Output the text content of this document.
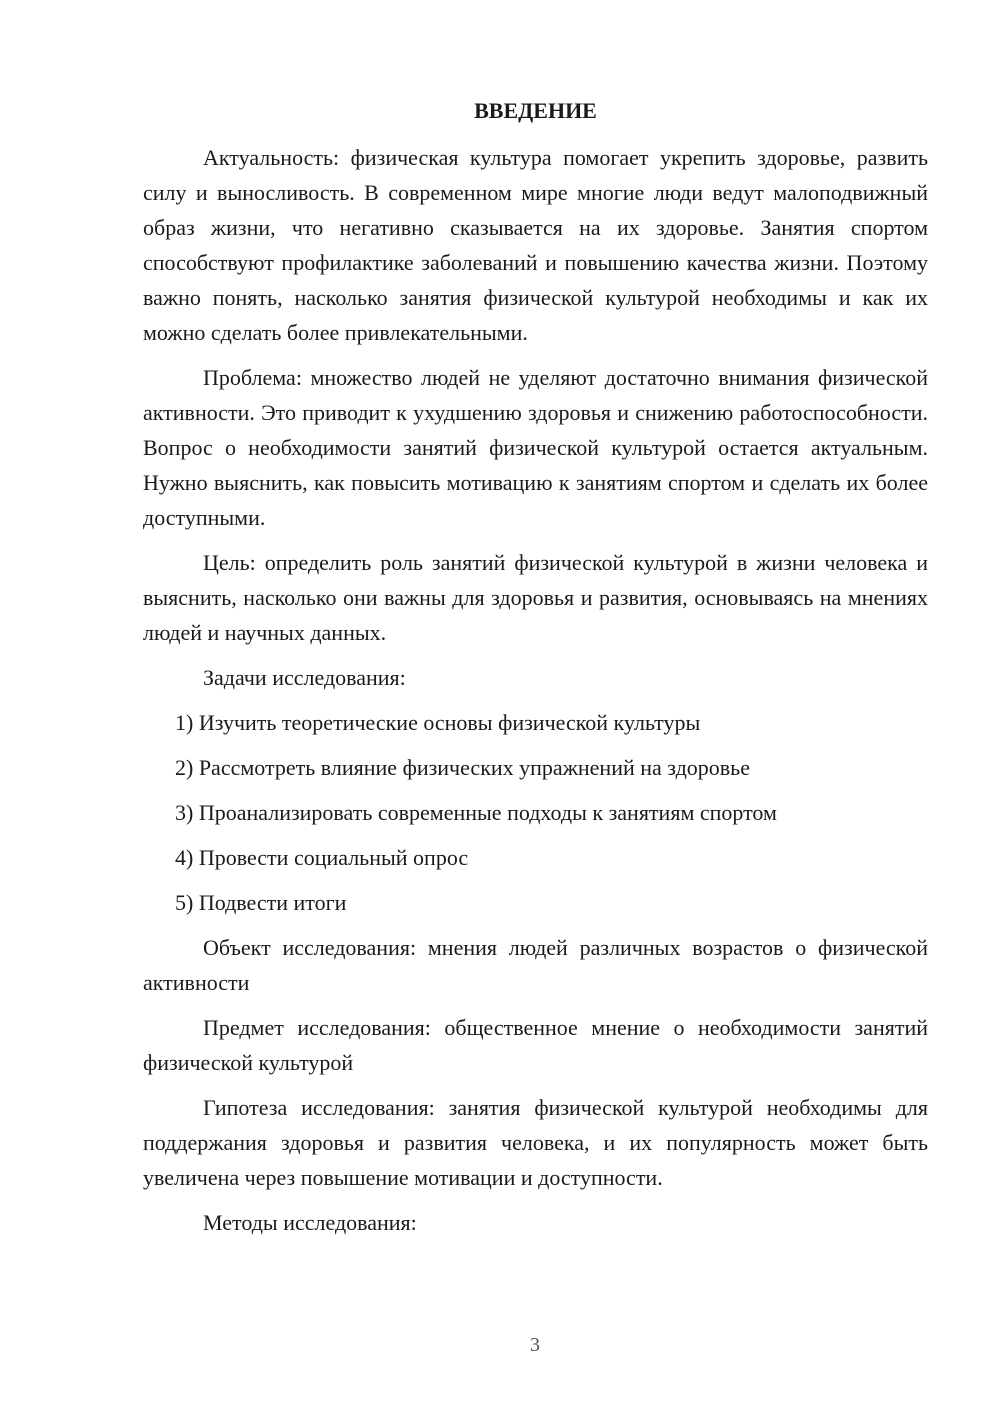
ВВЕДЕНИЕ

Актуальность: физическая культура помогает укрепить здоровье, развить силу и выносливость. В современном мире многие люди ведут малоподвижный образ жизни, что негативно сказывается на их здоровье. Занятия спортом способствуют профилактике заболеваний и повышению качества жизни. Поэтому важно понять, насколько занятия физической культурой необходимы и как их можно сделать более привлекательными.

Проблема: множество людей не уделяют достаточно внимания физической активности. Это приводит к ухудшению здоровья и снижению работоспособности. Вопрос о необходимости занятий физической культурой остается актуальным. Нужно выяснить, как повысить мотивацию к занятиям спортом и сделать их более доступными.

Цель: определить роль занятий физической культурой в жизни человека и выяснить, насколько они важны для здоровья и развития, основываясь на мнениях людей и научных данных.

Задачи исследования:

1) Изучить теоретические основы физической культуры
2) Рассмотреть влияние физических упражнений на здоровье
3) Проанализировать современные подходы к занятиям спортом
4) Провести социальный опрос
5) Подвести итоги

Объект исследования: мнения людей различных возрастов о физической активности

Предмет исследования: общественное мнение о необходимости занятий физической культурой

Гипотеза исследования: занятия физической культурой необходимы для поддержания здоровья и развития человека, и их популярность может быть увеличена через повышение мотивации и доступности.

Методы исследования:

3
